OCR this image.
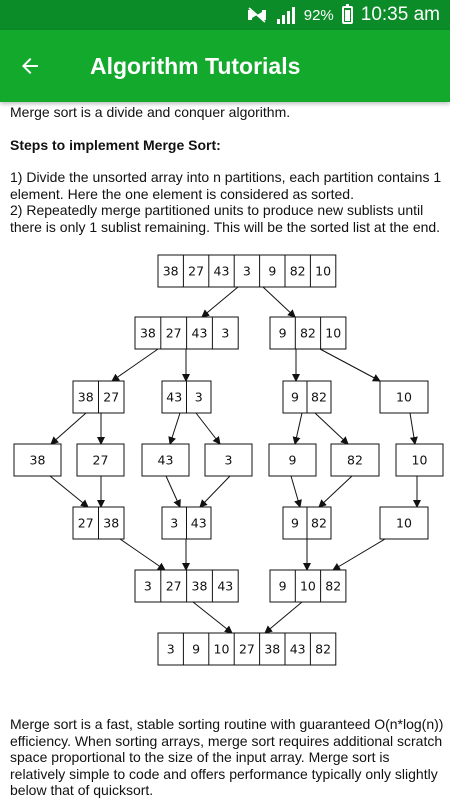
92% 10:35 am
Algorithm Tutorials

Merge sort is a divide and conquer algorithm.

Steps to implement Merge Sort:

1) Divide the unsorted array into n partitions, each partition contains 1 element. Here the one element is considered as sorted.

2) Repeatedly merge partitioned units to produce new sublists until there is only 1 sublist remaining. This will be the sorted list at the end.

38 27 43 3 9 82 10
38 27 43 3	9 82 10
38 27	43 3	9 82	10
38	27	43	3	9	82	10
27 38	3 43	9 82	10
3 27 38 43	9 10 82
3 9 10 27 38 43 82

Merge sort is a fast, stable sorting routine with guaranteed O(n*log(n)) efficiency. When sorting arrays, merge sort requires additional scratch space proportional to the size of the input array. Merge sort is relatively simple to code and offers performance typically only slightly below that of quicksort.
